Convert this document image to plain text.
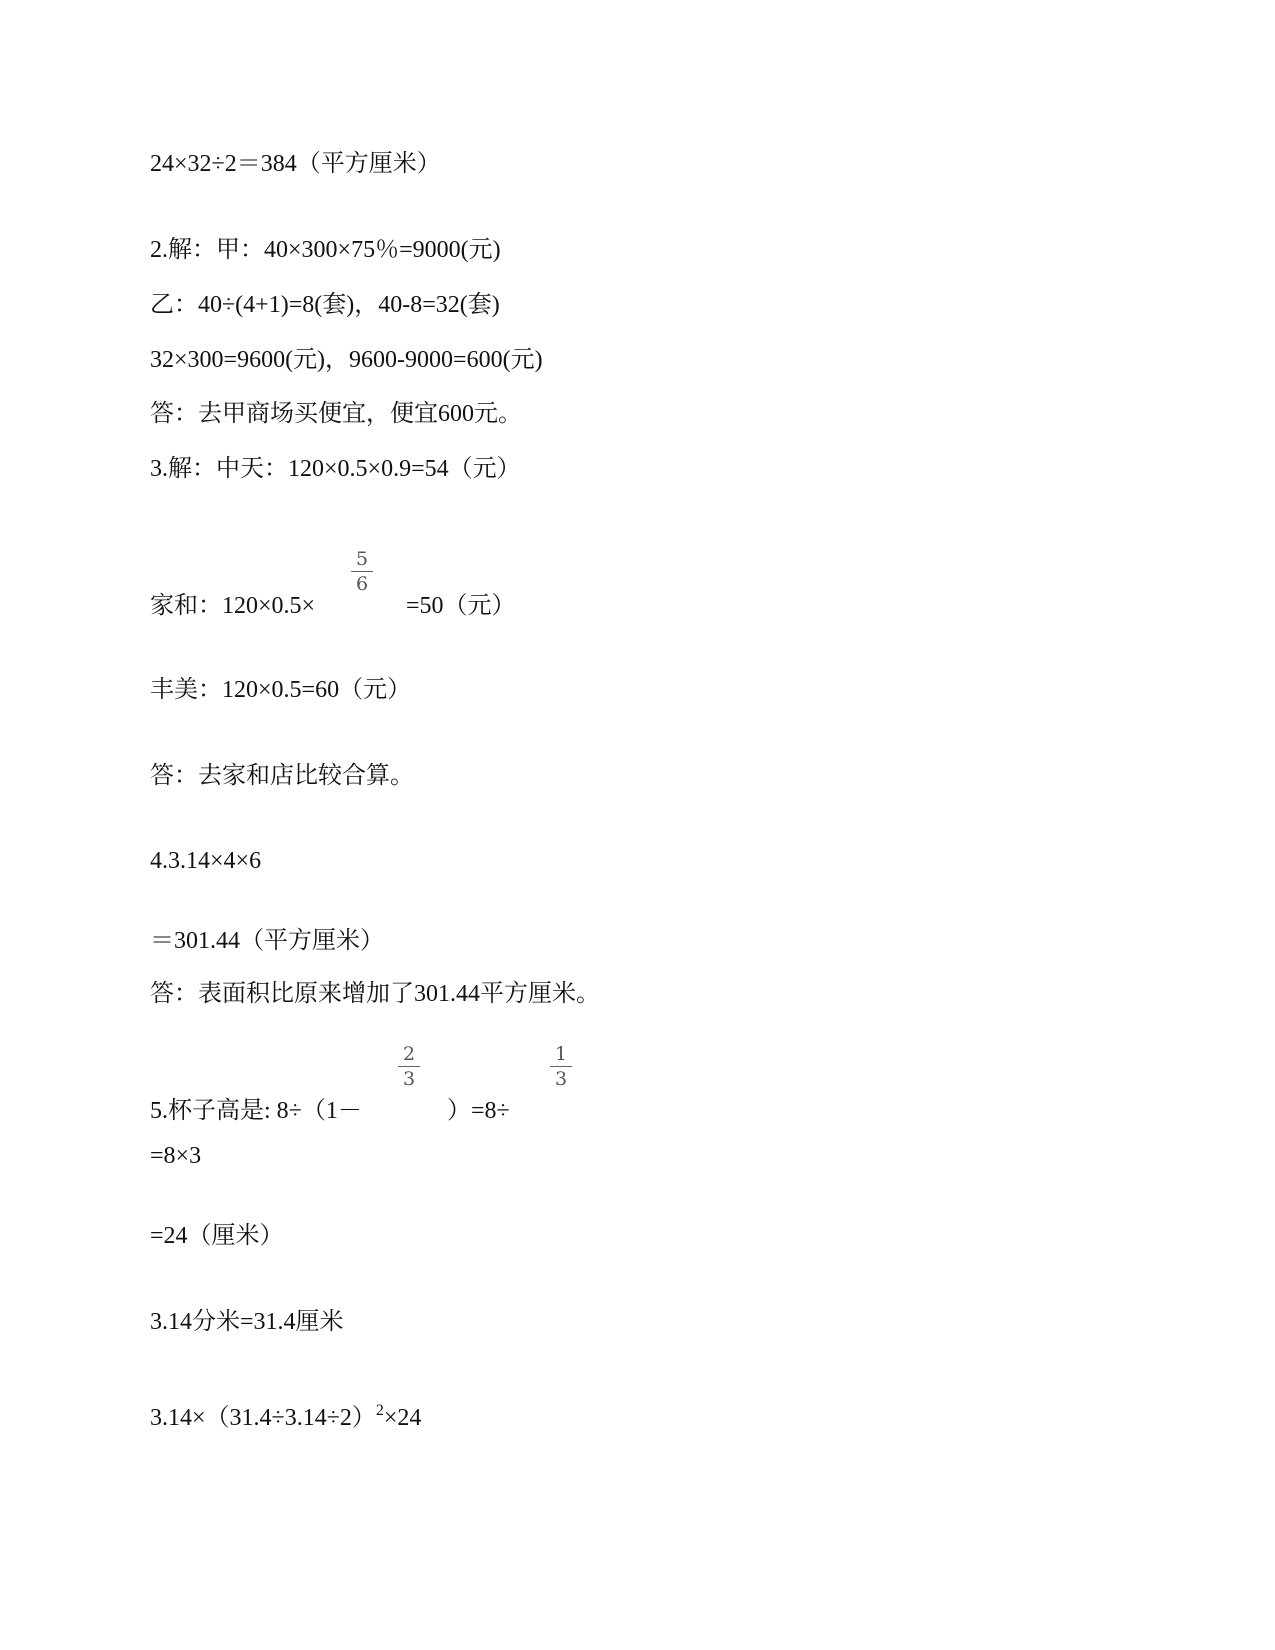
24×32÷2＝384（平方厘米）
2.解：甲：40×300×75％=9000(元)
乙：40÷(4+1)=8(套)，40-8=32(套)
32×300=9600(元)，9600-9000=600(元)
答：去甲商场买便宜，便宜600元。
3.解：中天：120×0.5×0.9=54（元）
家和：120×0.5×
5
6
=50（元）
丰美：120×0.5=60（元）
答：去家和店比较合算。
4.3.14×4×6
＝301.44（平方厘米）
答：表面积比原来增加了301.44平方厘米。
5.杯子高是: 8÷（1－
2
3
）=8÷
1
3
=8×3
=24（厘米）
3.14分米=31.4厘米
$3.14\times(31.4\div 3.14\div 2)^2\times 24$
